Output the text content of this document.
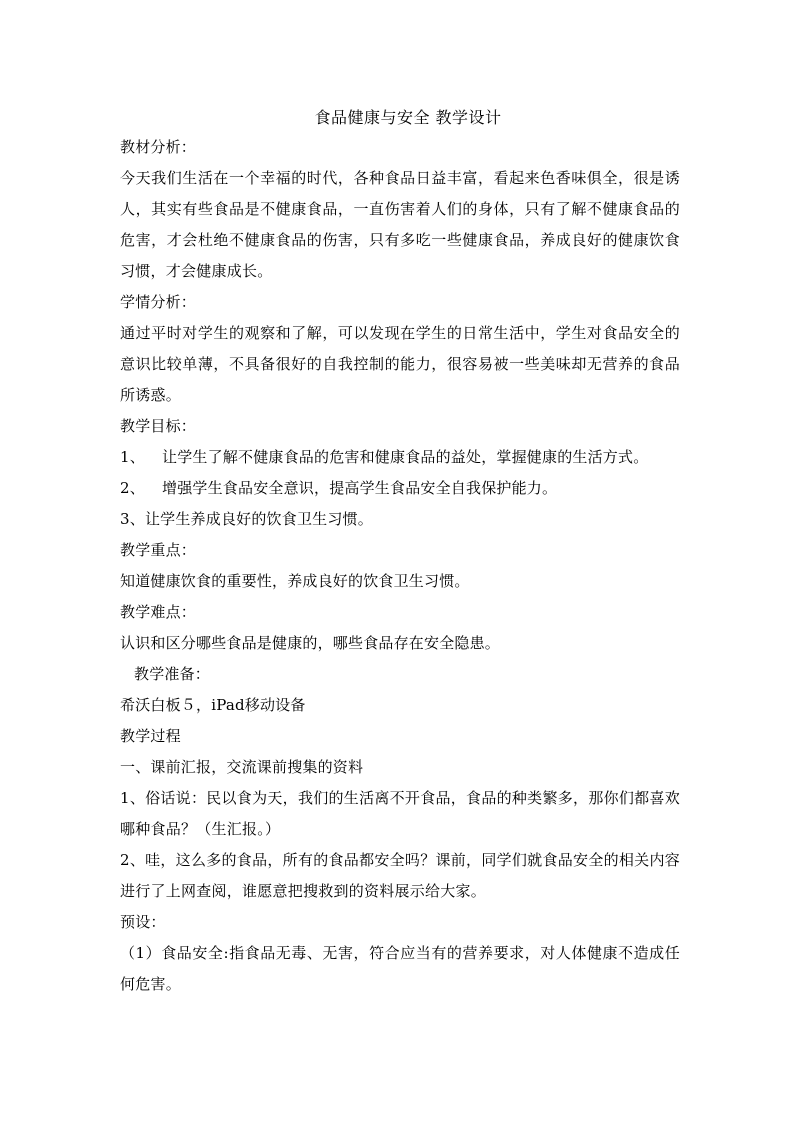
食品健康与安全 教学设计

教材分析：

今天我们生活在一个幸福的时代，各种食品日益丰富，看起来色香味俱全，很是诱人，其实有些食品是不健康食品，一直伤害着人们的身体，只有了解不健康食品的危害，才会杜绝不健康食品的伤害，只有多吃一些健康食品，养成良好的健康饮食习惯，才会健康成长。

学情分析：

通过平时对学生的观察和了解，可以发现在学生的日常生活中，学生对食品安全的意识比较单薄，不具备很好的自我控制的能力，很容易被一些美味却无营养的食品所诱惑。

教学目标：

1、 让学生了解不健康食品的危害和健康食品的益处，掌握健康的生活方式。

2、 增强学生食品安全意识，提高学生食品安全自我保护能力。

3、让学生养成良好的饮食卫生习惯。

教学重点：

知道健康饮食的重要性，养成良好的饮食卫生习惯。

教学难点：

认识和区分哪些食品是健康的，哪些食品存在安全隐患。

教学准备：

希沃白板５，iPad移动设备

教学过程

一、课前汇报，交流课前搜集的资料

1、俗话说：民以食为天，我们的生活离不开食品，食品的种类繁多，那你们都喜欢哪种食品？（生汇报。）

2、哇，这么多的食品，所有的食品都安全吗？课前，同学们就食品安全的相关内容进行了上网查阅，谁愿意把搜救到的资料展示给大家。

预设：

（1）食品安全:指食品无毒、无害，符合应当有的营养要求，对人体健康不造成任何危害。
